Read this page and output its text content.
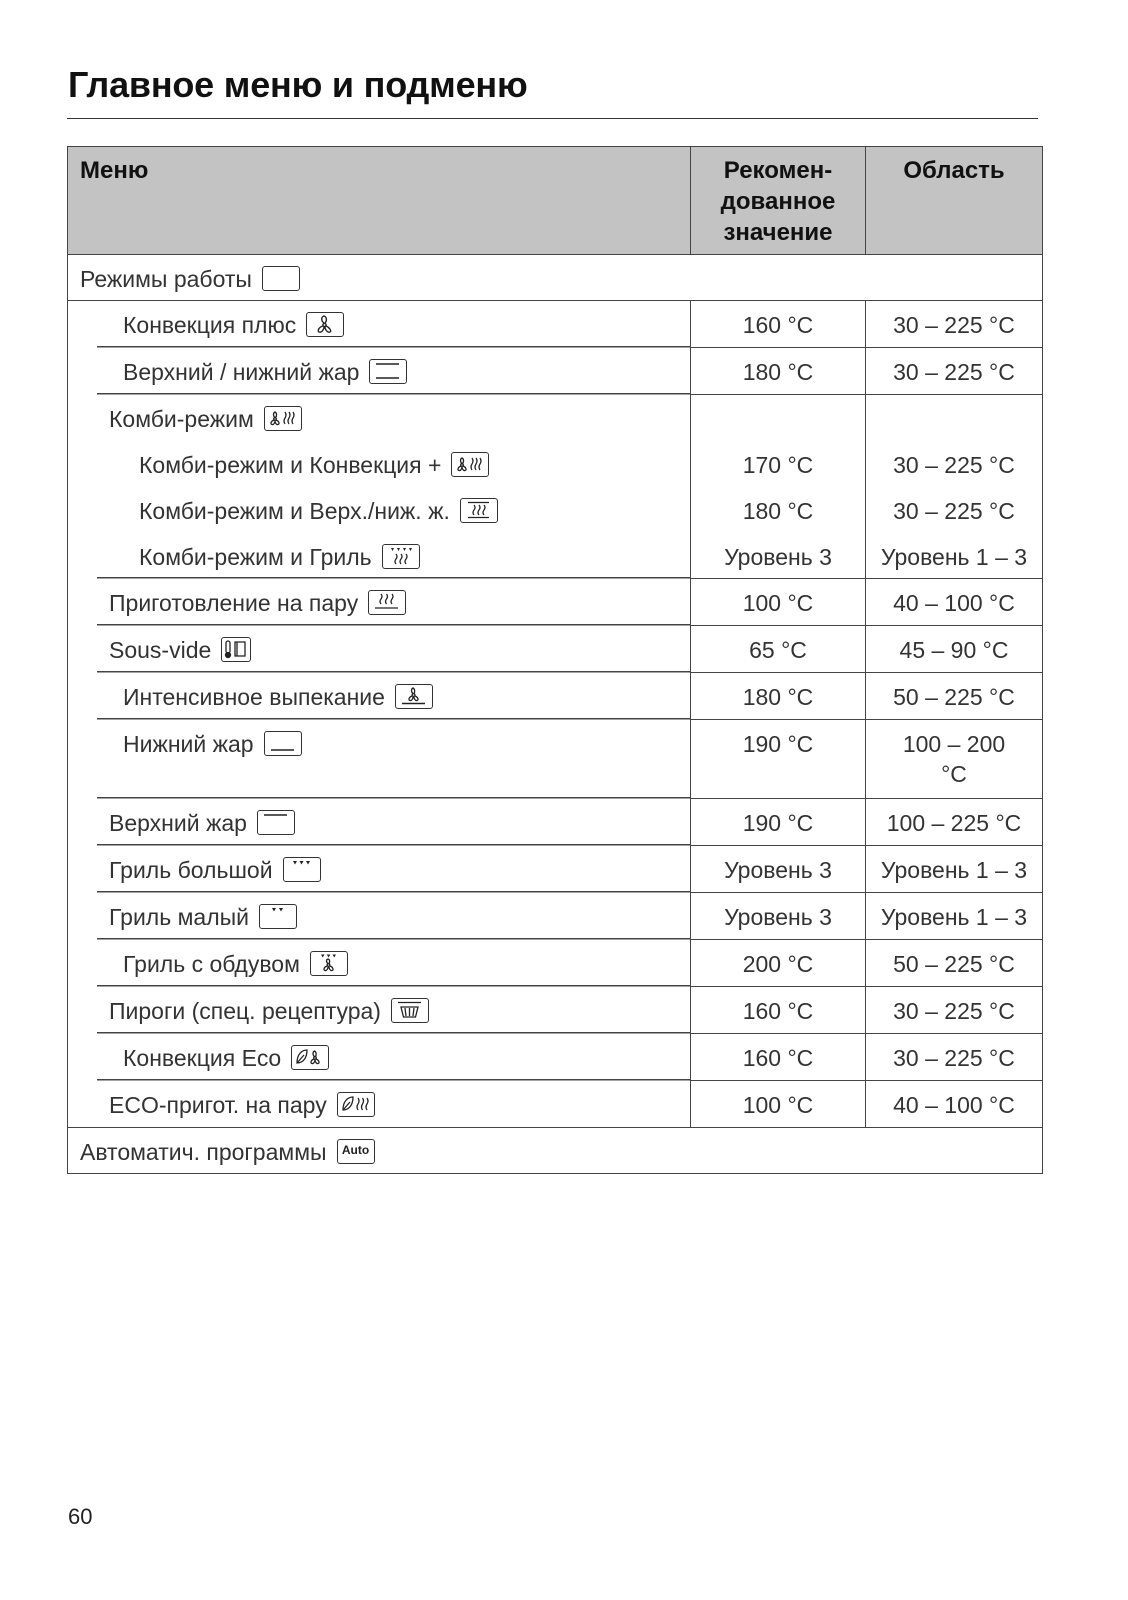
Главное меню и подменю
Меню	Рекомен-
дованное
значение	Область
Режимы работы		
Конвекция плюс	160 °C	30 – 225 °C
Верхний / нижний жар	180 °C	30 – 225 °C
Комби-режим

Комби-режим и Конвекция +	170 °C	30 – 225 °C
Комби-режим и Верх./ниж. ж.	180 °C	30 – 225 °C
Комби-режим и Гриль	Уровень 3	Уровень 1 – 3
Приготовление на пару	100 °C	40 – 100 °C
Sous-vide	65 °C	45 – 90 °C
Интенсивное выпекание	180 °C	50 – 225 °C
Нижний жар	190 °C	100 – 200 °C
Верхний жар	190 °C	100 – 225 °C
Гриль большой	Уровень 3	Уровень 1 – 3
Гриль малый	Уровень 3	Уровень 1 – 3
Гриль с обдувом	200 °C	50 – 225 °C
Пироги (спец. рецептура)	160 °C	30 – 225 °C
Конвекция Eco	160 °C	30 – 225 °C
ECO-пригот. на пару	100 °C	40 – 100 °C
Автоматич. программы Auto		
60
